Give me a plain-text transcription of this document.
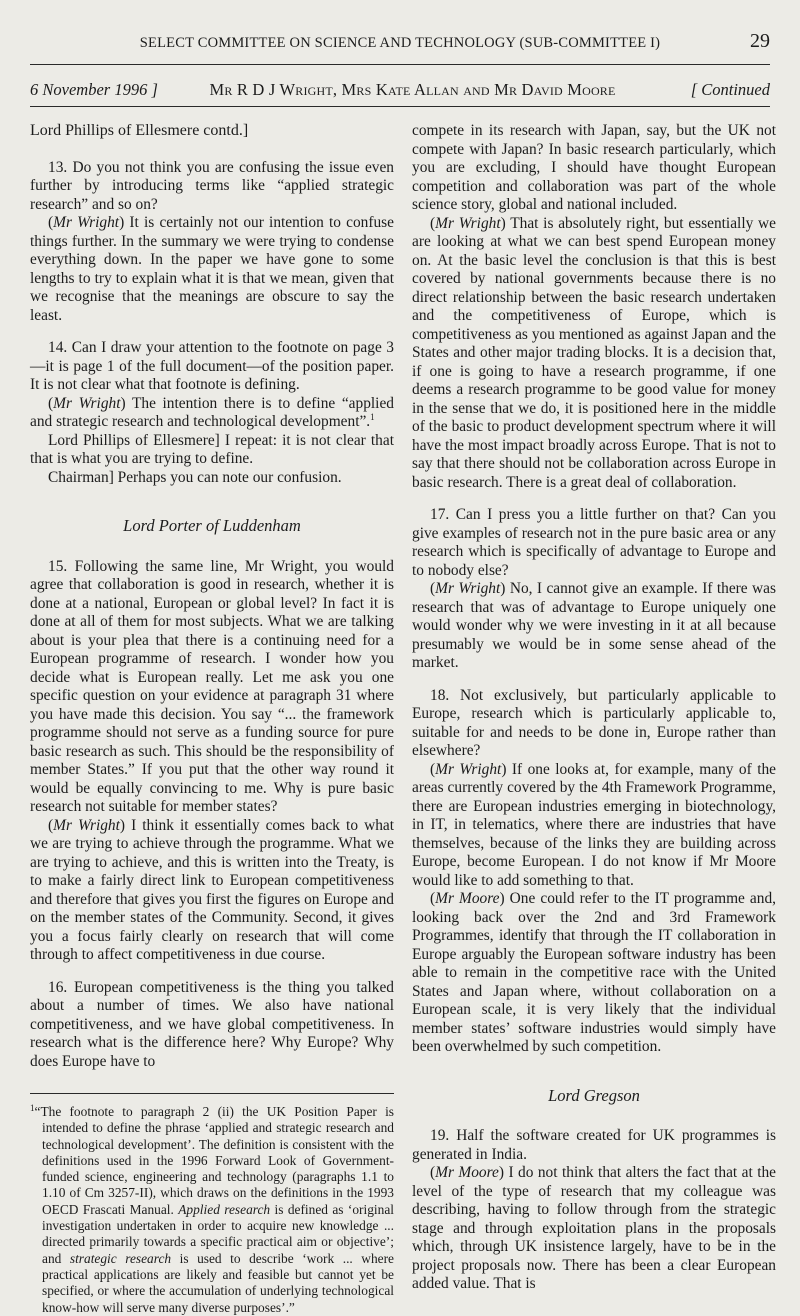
SELECT COMMITTEE ON SCIENCE AND TECHNOLOGY (SUB-COMMITTEE I)	29
6 November 1996 ]	Mr R D J Wright, Mrs Kate Allan and Mr David Moore	[ Continued

Lord Phillips of Ellesmere contd.]

13. Do you not think you are confusing the issue even further by introducing terms like “applied strategic research” and so on?

(Mr Wright) It is certainly not our intention to confuse things further. In the summary we were trying to condense everything down. In the paper we have gone to some lengths to try to explain what it is that we mean, given that we recognise that the meanings are obscure to say the least.

14. Can I draw your attention to the footnote on page 3—it is page 1 of the full document—of the position paper. It is not clear what that footnote is defining.

(Mr Wright) The intention there is to define “applied and strategic research and technological development”.$^1$

Lord Phillips of Ellesmere] I repeat: it is not clear that that is what you are trying to define.

Chairman] Perhaps you can note our confusion.

Lord Porter of Luddenham

15. Following the same line, Mr Wright, you would agree that collaboration is good in research, whether it is done at a national, European or global level? In fact it is done at all of them for most subjects. What we are talking about is your plea that there is a continuing need for a European programme of research. I wonder how you decide what is European really. Let me ask you one specific question on your evidence at paragraph 31 where you have made this decision. You say “... the framework programme should not serve as a funding source for pure basic research as such. This should be the responsibility of member States.” If you put that the other way round it would be equally convincing to me. Why is pure basic research not suitable for member states?

(Mr Wright) I think it essentially comes back to what we are trying to achieve through the programme. What we are trying to achieve, and this is written into the Treaty, is to make a fairly direct link to European competitiveness and therefore that gives you first the figures on Europe and on the member states of the Community. Second, it gives you a focus fairly clearly on research that will come through to affect competitiveness in due course.

16. European competitiveness is the thing you talked about a number of times. We also have national competitiveness, and we have global competitiveness. In research what is the difference here? Why Europe? Why does Europe have to

$^1$“The footnote to paragraph 2 (ii) the UK Position Paper is intended to define the phrase ‘applied and strategic research and technological development’. The definition is consistent with the definitions used in the 1996 Forward Look of Government-funded science, engineering and technology (paragraphs 1.1 to 1.10 of Cm 3257-II), which draws on the definitions in the 1993 OECD Frascati Manual. Applied research is defined as ‘original investigation undertaken in order to acquire new knowledge ... directed primarily towards a specific practical aim or objective’; and strategic research is used to describe ‘work ... where practical applications are likely and feasible but cannot yet be specified, or where the accumulation of underlying technological know-how will serve many diverse purposes’.”

compete in its research with Japan, say, but the UK not compete with Japan? In basic research particularly, which you are excluding, I should have thought European competition and collaboration was part of the whole science story, global and national included.

(Mr Wright) That is absolutely right, but essentially we are looking at what we can best spend European money on. At the basic level the conclusion is that this is best covered by national governments because there is no direct relationship between the basic research undertaken and the competitiveness of Europe, which is competitiveness as you mentioned as against Japan and the States and other major trading blocks. It is a decision that, if one is going to have a research programme, if one deems a research programme to be good value for money in the sense that we do, it is positioned here in the middle of the basic to product development spectrum where it will have the most impact broadly across Europe. That is not to say that there should not be collaboration across Europe in basic research. There is a great deal of collaboration.

17. Can I press you a little further on that? Can you give examples of research not in the pure basic area or any research which is specifically of advantage to Europe and to nobody else?

(Mr Wright) No, I cannot give an example. If there was research that was of advantage to Europe uniquely one would wonder why we were investing in it at all because presumably we would be in some sense ahead of the market.

18. Not exclusively, but particularly applicable to Europe, research which is particularly applicable to, suitable for and needs to be done in, Europe rather than elsewhere?

(Mr Wright) If one looks at, for example, many of the areas currently covered by the 4th Framework Programme, there are European industries emerging in biotechnology, in IT, in telematics, where there are industries that have themselves, because of the links they are building across Europe, become European. I do not know if Mr Moore would like to add something to that.

(Mr Moore) One could refer to the IT programme and, looking back over the 2nd and 3rd Framework Programmes, identify that through the IT collaboration in Europe arguably the European software industry has been able to remain in the competitive race with the United States and Japan where, without collaboration on a European scale, it is very likely that the individual member states’ software industries would simply have been overwhelmed by such competition.

Lord Gregson

19. Half the software created for UK programmes is generated in India.

(Mr Moore) I do not think that alters the fact that at the level of the type of research that my colleague was describing, having to follow through from the strategic stage and through exploitation plans in the proposals which, through UK insistence largely, have to be in the project proposals now. There has been a clear European added value. That is
